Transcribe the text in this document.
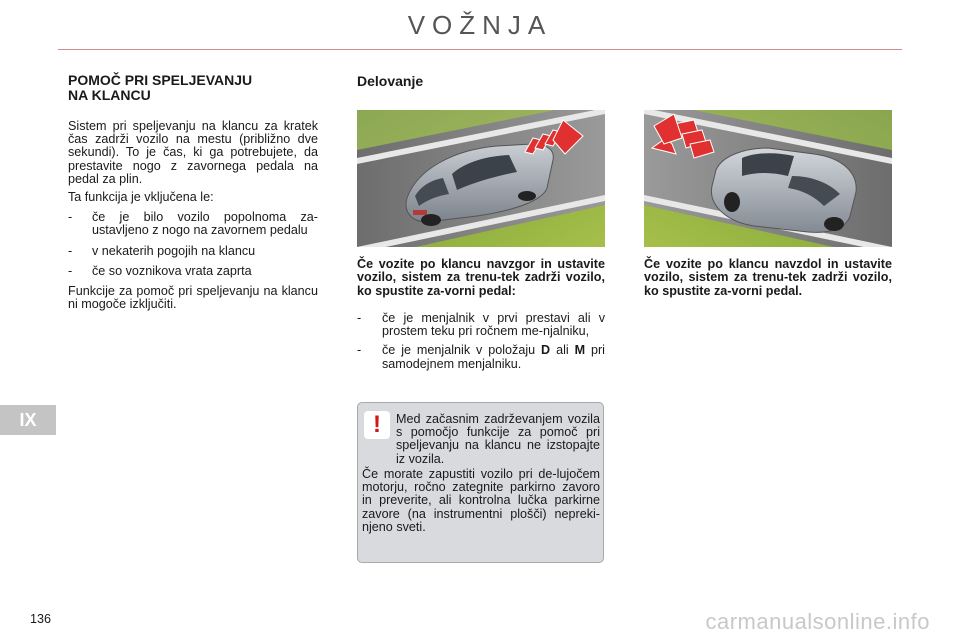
VOŽNJA
POMOČ PRI SPELJEVANJU
NA KLANCU

Sistem pri speljevanju na klancu za kratek čas zadrži vozilo na mestu (približno dve sekundi). To je čas, ki ga potrebujete, da prestavite nogo z zavornega pedala na pedal za plin.

Ta funkcija je vključena le:

- če je bilo vozilo popolnoma za-ustavljeno z nogo na zavornem pedalu
- v nekaterih pogojih na klancu
- če so voznikova vrata zaprta

Funkcije za pomoč pri speljevanju na klancu ni mogoče izključiti.

Delovanje
Če vozite po klancu navzgor in ustavite vozilo, sistem za trenu-tek zadrži vozilo, ko spustite za-vorni pedal:
- če je menjalnik v prvi prestavi ali v prostem teku pri ročnem me-njalniku,
- če je menjalnik v položaju D ali M pri samodejnem menjalniku.
Če vozite po klancu navzdol in ustavite vozilo, sistem za trenu-tek zadrži vozilo, ko spustite za-vorni pedal.
! Med začasnim zadrževanjem vozila s pomočjo funkcije za pomoč pri speljevanju na klancu ne izstopajte iz vozila.

Če morate zapustiti vozilo pri de-lujočem motorju, ročno zategnite parkirno zavoro in preverite, ali kontrolna lučka parkirne zavore (na instrumentni plošči) nepreki-njeno sveti.

IX
136	carmanualsonline.info
